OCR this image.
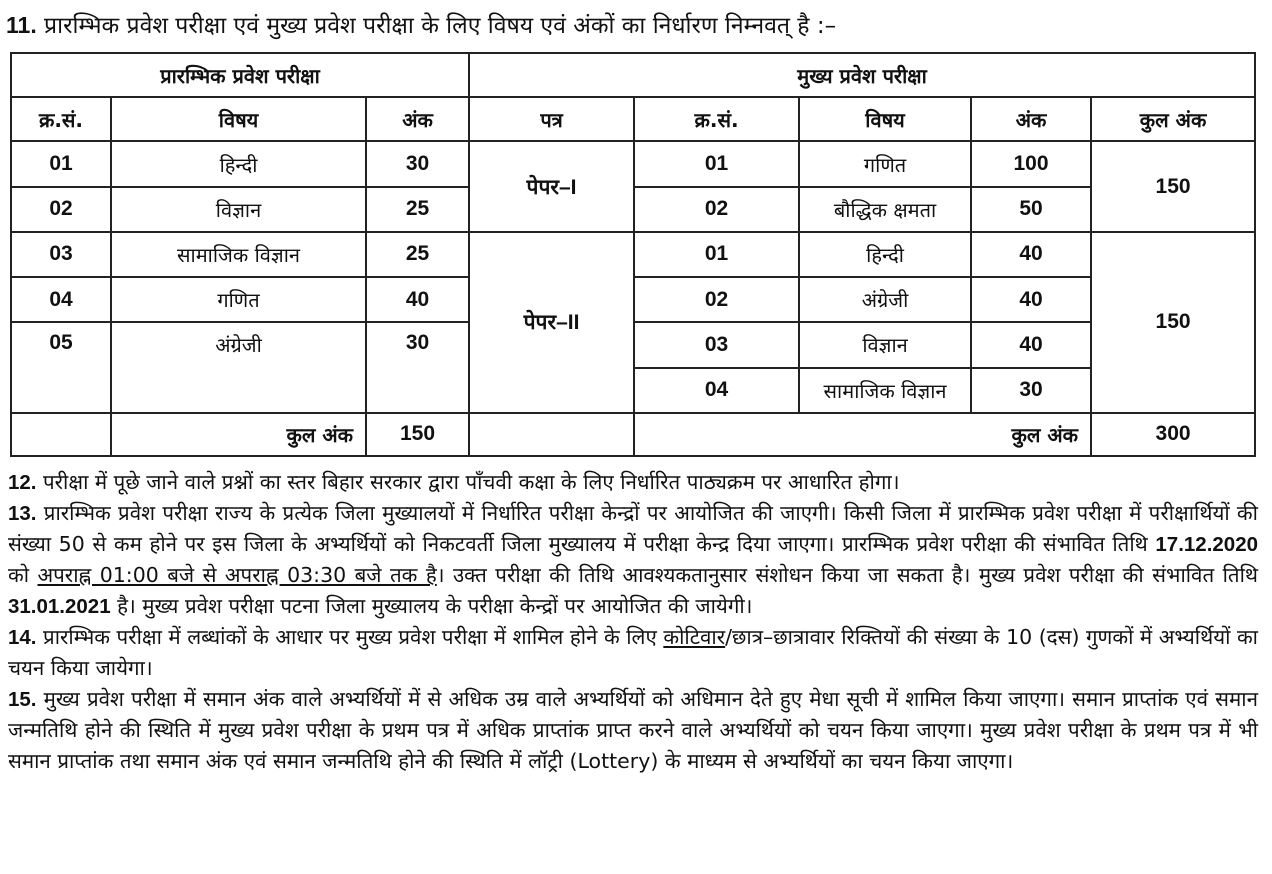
11. प्रारम्भिक प्रवेश परीक्षा एवं मुख्य प्रवेश परीक्षा के लिए विषय एवं अंकों का निर्धारण निम्नवत् है :–
प्रारम्भिक प्रवेश परीक्षा			मुख्य प्रवेश परीक्षा				
क्र.सं.	विषय	अंक	पत्र	क्र.सं.	विषय	अंक	कुल अंक
01	हिन्दी	30	पेपर–I	01	गणित	100	150
02	विज्ञान	25		02	बौद्धिक क्षमता	50	
03	सामाजिक विज्ञान	25	पेपर–II	01	हिन्दी	40	150
04	गणित	40		02	अंग्रेजी	40	
05	अंग्रेजी	30		03	विज्ञान	40	
				04	सामाजिक विज्ञान	30	
	कुल अंक	150		कुल अंक			300

12. परीक्षा में पूछे जाने वाले प्रश्नों का स्तर बिहार सरकार द्वारा पाँचवी कक्षा के लिए निर्धारित पाठ्यक्रम पर आधारित होगा।

13. प्रारम्भिक प्रवेश परीक्षा राज्य के प्रत्येक जिला मुख्यालयों में निर्धारित परीक्षा केन्द्रों पर आयोजित की जाएगी। किसी जिला में प्रारम्भिक प्रवेश परीक्षा में परीक्षार्थियों की संख्या 50 से कम होने पर इस जिला के अभ्यर्थियों को निकटवर्ती जिला मुख्यालय में परीक्षा केन्द्र दिया जाएगा। प्रारम्भिक प्रवेश परीक्षा की संभावित तिथि 17.12.2020 को अपराह्न 01:00 बजे से अपराह्न 03:30 बजे तक है। उक्त परीक्षा की तिथि आवश्यकतानुसार संशोधन किया जा सकता है। मुख्य प्रवेश परीक्षा की संभावित तिथि 31.01.2021 है। मुख्य प्रवेश परीक्षा पटना जिला मुख्यालय के परीक्षा केन्द्रों पर आयोजित की जायेगी।

14. प्रारम्भिक परीक्षा में लब्धांकों के आधार पर मुख्य प्रवेश परीक्षा में शामिल होने के लिए कोटिवार/छात्र–छात्रावार रिक्तियों की संख्या के 10 (दस) गुणकों में अभ्यर्थियों का चयन किया जायेगा।

15. मुख्य प्रवेश परीक्षा में समान अंक वाले अभ्यर्थियों में से अधिक उम्र वाले अभ्यर्थियों को अधिमान देते हुए मेधा सूची में शामिल किया जाएगा। समान प्राप्तांक एवं समान जन्मतिथि होने की स्थिति में मुख्य प्रवेश परीक्षा के प्रथम पत्र में अधिक प्राप्तांक प्राप्त करने वाले अभ्यर्थियों को चयन किया जाएगा। मुख्य प्रवेश परीक्षा के प्रथम पत्र में भी समान प्राप्तांक तथा समान अंक एवं समान जन्मतिथि होने की स्थिति में लॉट्री (Lottery) के माध्यम से अभ्यर्थियों का चयन किया जाएगा।
